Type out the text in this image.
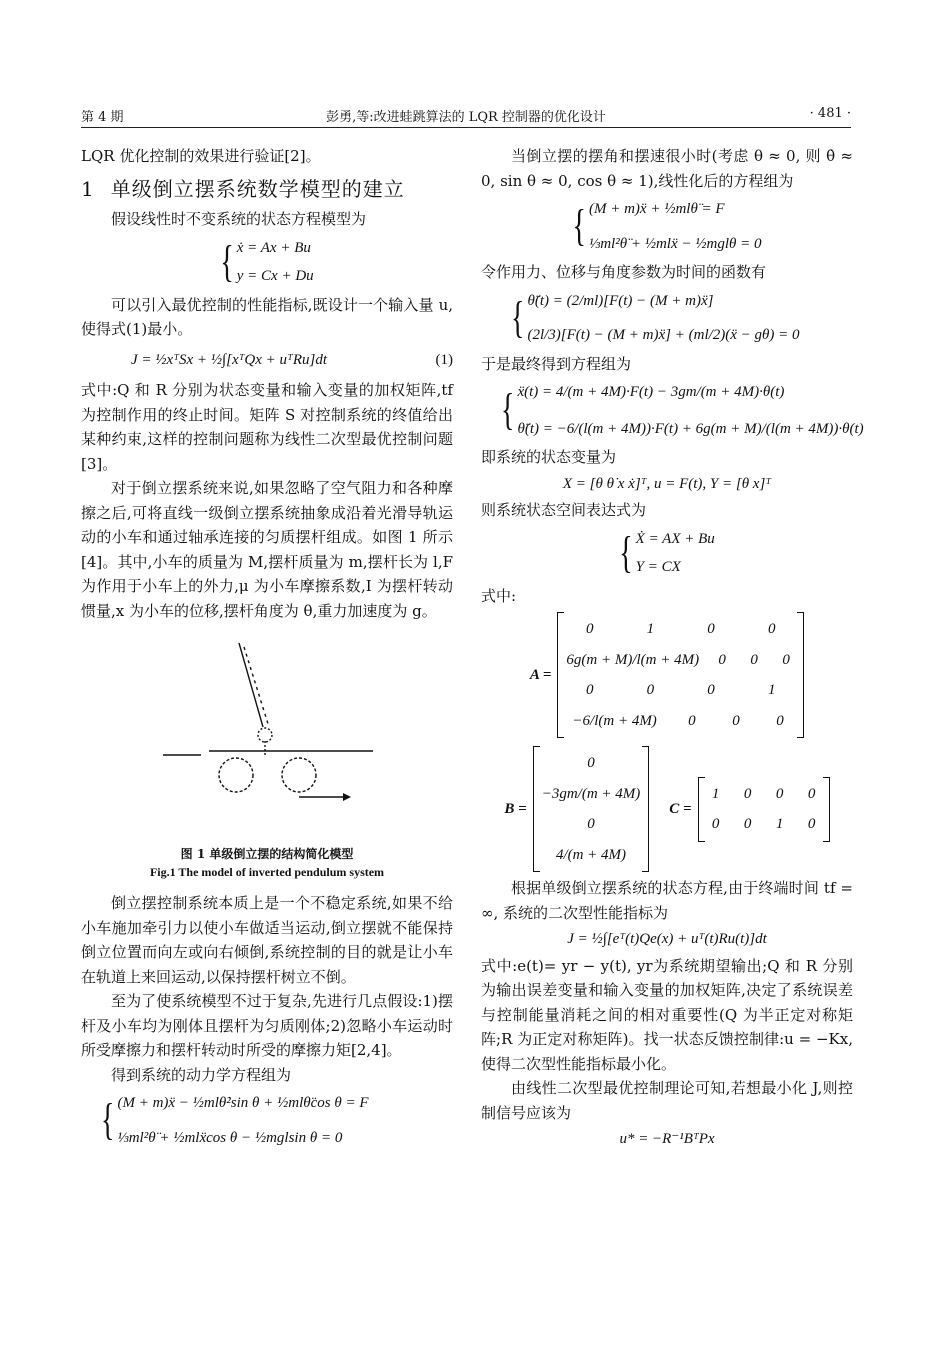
第 4 期	彭勇,等:改进蛙跳算法的 LQR 控制器的优化设计	· 481 ·

LQR 优化控制的效果进行验证[2]。

1 单级倒立摆系统数学模型的建立

假设线性时不变系统的状态方程模型为

{ ẋ = Ax + Bu
y = Cx + Du

可以引入最优控制的性能指标,既设计一个输入量 u,使得式(1)最小。

J = ½xᵀSx + ½∫[xᵀQx + uᵀRu]dt	(1)

式中:Q 和 R 分别为状态变量和输入变量的加权矩阵,tf为控制作用的终止时间。矩阵 S 对控制系统的终值给出某种约束,这样的控制问题称为线性二次型最优控制问题[3]。

对于倒立摆系统来说,如果忽略了空气阻力和各种摩擦之后,可将直线一级倒立摆系统抽象成沿着光滑导轨运动的小车和通过轴承连接的匀质摆杆组成。如图 1 所示[4]。其中,小车的质量为 M,摆杆质量为 m,摆杆长为 l,F 为作用于小车上的外力,μ 为小车摩擦系数,I 为摆杆转动惯量,x 为小车的位移,摆杆角度为 θ,重力加速度为 g。

图 1 单级倒立摆的结构简化模型
Fig.1 The model of inverted pendulum system

倒立摆控制系统本质上是一个不稳定系统,如果不给小车施加牵引力以使小车做适当运动,倒立摆就不能保持倒立位置而向左或向右倾倒,系统控制的目的就是让小车在轨道上来回运动,以保持摆杆树立不倒。

至为了使系统模型不过于复杂,先进行几点假设:1)摆杆及小车均为刚体且摆杆为匀质刚体;2)忽略小车运动时所受摩擦力和摆杆转动时所受的摩擦力矩[2,4]。

得到系统的动力学方程组为

{ (M + m)ẍ − ½mlθ̇²sin θ + ½mlθ̈cos θ = F
⅓ml²θ̈ + ½mlẍcos θ − ½mglsin θ = 0

当倒立摆的摆角和摆速很小时(考虑 θ ≈ 0, 则 θ̇ ≈ 0, sin θ ≈ 0, cos θ ≈ 1),线性化后的方程组为

{ (M + m)ẍ + ½mlθ̈ = F
⅓ml²θ̈ + ½mlẍ − ½mglθ = 0

令作用力、位移与角度参数为时间的函数有

{ θ̈(t) = (2/ml)[F(t) − (M + m)ẍ]
(2l/3)[F(t) − (M + m)ẍ] + (ml/2)(ẍ − gθ) = 0

于是最终得到方程组为

{ ẍ(t) = 4/(m + 4M)·F(t) − 3gm/(m + 4M)·θ(t)
θ̈(t) = −6/(l(m + 4M))·F(t) + 6g(m + M)/(l(m + 4M))·θ(t)

即系统的状态变量为

X = [θ θ̇ x ẋ]ᵀ, u = F(t), Y = [θ x]ᵀ

则系统状态空间表达式为

{ Ẋ = AX + Bu
Y = CX

式中:

A =
0	1	0	0
6g(m + M)/l(m + 4M)	0	0	0
0	0	0	1
−6/l(m + 4M)	0	0	0
B =
0
−3gm/(m + 4M)
0
4/(m + 4M)
C =
1	0	0	0
0	0	1	0

根据单级倒立摆系统的状态方程,由于终端时间 tf = ∞, 系统的二次型性能指标为

J = ½∫[eᵀ(t)Qe(x) + uᵀ(t)Ru(t)]dt

式中:e(t)= yr − y(t), yr为系统期望输出;Q 和 R 分别为输出误差变量和输入变量的加权矩阵,决定了系统误差与控制能量消耗之间的相对重要性(Q 为半正定对称矩阵;R 为正定对称矩阵)。找一状态反馈控制律:u = −Kx,使得二次型性能指标最小化。

由线性二次型最优控制理论可知,若想最小化 J,则控制信号应该为

u* = −R⁻¹BᵀPx
